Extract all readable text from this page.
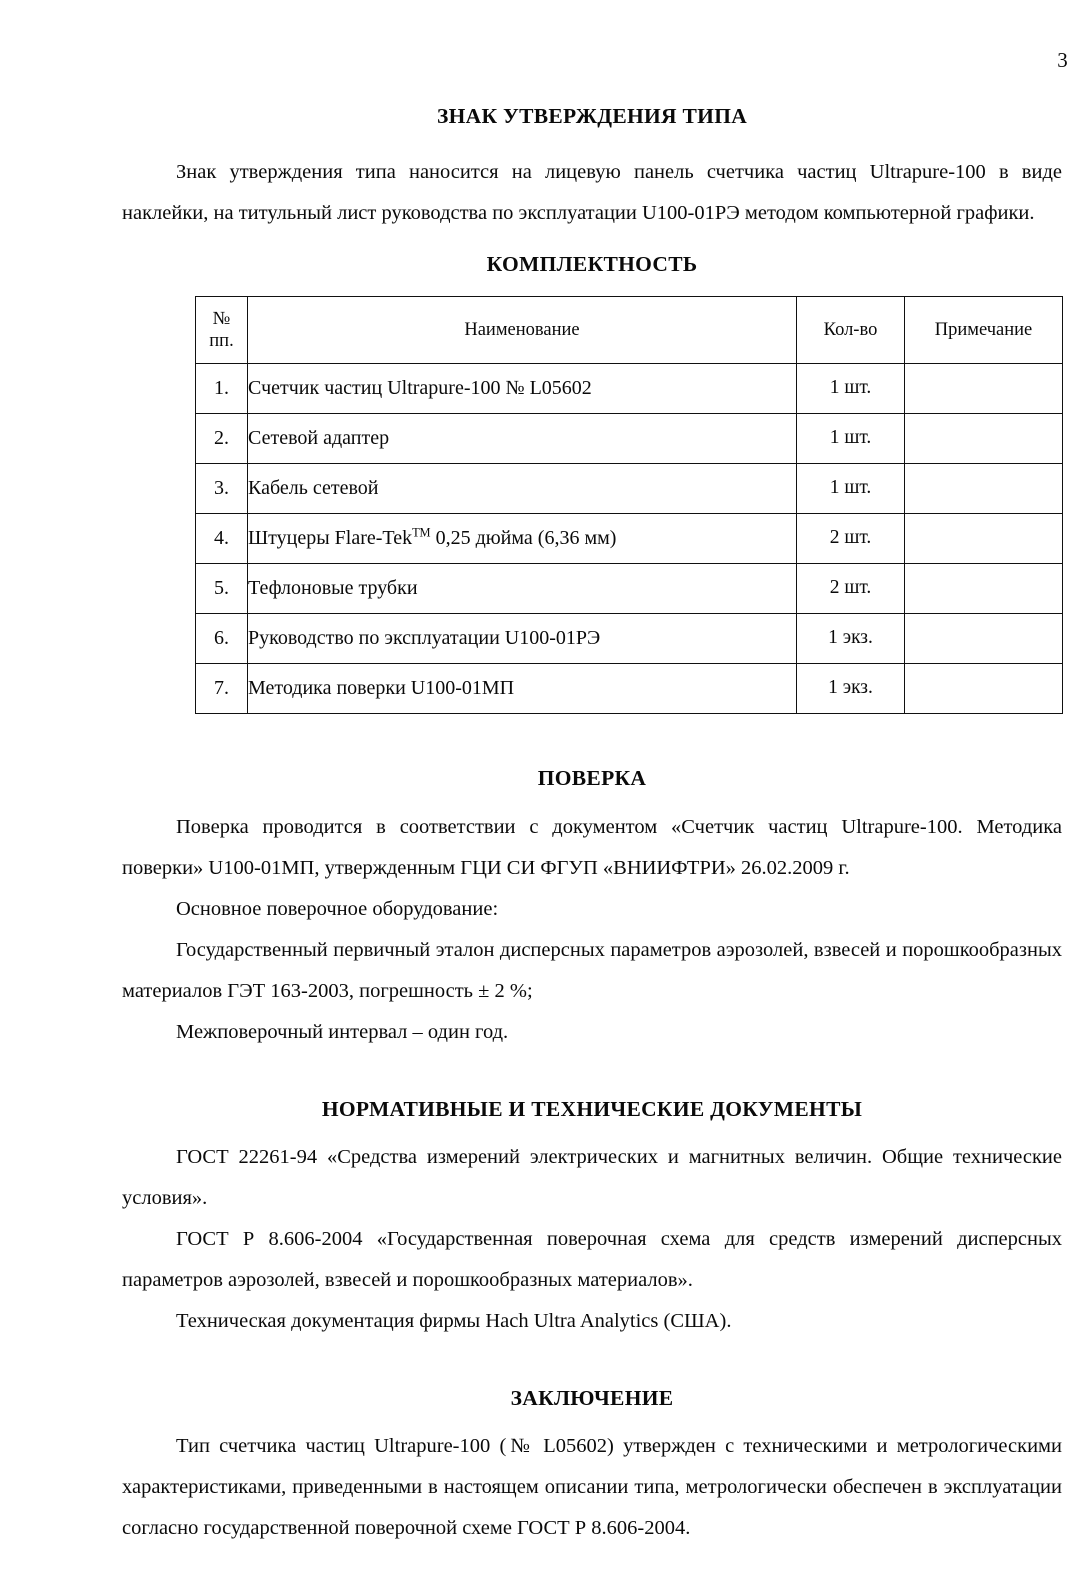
3
ЗНАК УТВЕРЖДЕНИЯ ТИПА

Знак утверждения типа наносится на лицевую панель счетчика частиц Ultrapure-100 в виде наклейки, на титульный лист руководства по эксплуатации U100-01РЭ методом компьютерной графики.

КОМПЛЕКТНОСТЬ
№
пп.	Наименование	Кол-во	Примечание
1.	Счетчик частиц Ultrapure-100 № L05602	1 шт.	
2.	Сетевой адаптер	1 шт.	
3.	Кабель сетевой	1 шт.	
4.	Штуцеры Flare-Tek$^{ТМ}$ 0,25 дюйма (6,36 мм)	2 шт.	
5.	Тефлоновые трубки	2 шт.	
6.	Руководство по эксплуатации U100-01РЭ	1 экз.	
7.	Методика поверки U100-01МП	1 экз.	
ПОВЕРКА

Поверка проводится в соответствии с документом «Счетчик частиц Ultrapure-100. Методика поверки» U100-01МП, утвержденным ГЦИ СИ ФГУП «ВНИИФТРИ» 26.02.2009 г.

Основное поверочное оборудование:

Государственный первичный эталон дисперсных параметров аэрозолей, взвесей и порошкообразных материалов ГЭТ 163-2003, погрешность ± 2 %;

Межповерочный интервал – один год.

НОРМАТИВНЫЕ И ТЕХНИЧЕСКИЕ ДОКУМЕНТЫ

ГОСТ 22261-94 «Средства измерений электрических и магнитных величин. Общие технические условия».

ГОСТ Р 8.606-2004 «Государственная поверочная схема для средств измерений дисперсных параметров аэрозолей, взвесей и порошкообразных материалов».

Техническая документация фирмы Hach Ultra Analytics (США).

ЗАКЛЮЧЕНИЕ

Тип счетчика частиц Ultrapure-100 (№ L05602) утвержден с техническими и метрологическими характеристиками, приведенными в настоящем описании типа, метрологически обеспечен в эксплуатации согласно государственной поверочной схеме ГОСТ Р 8.606-2004.
